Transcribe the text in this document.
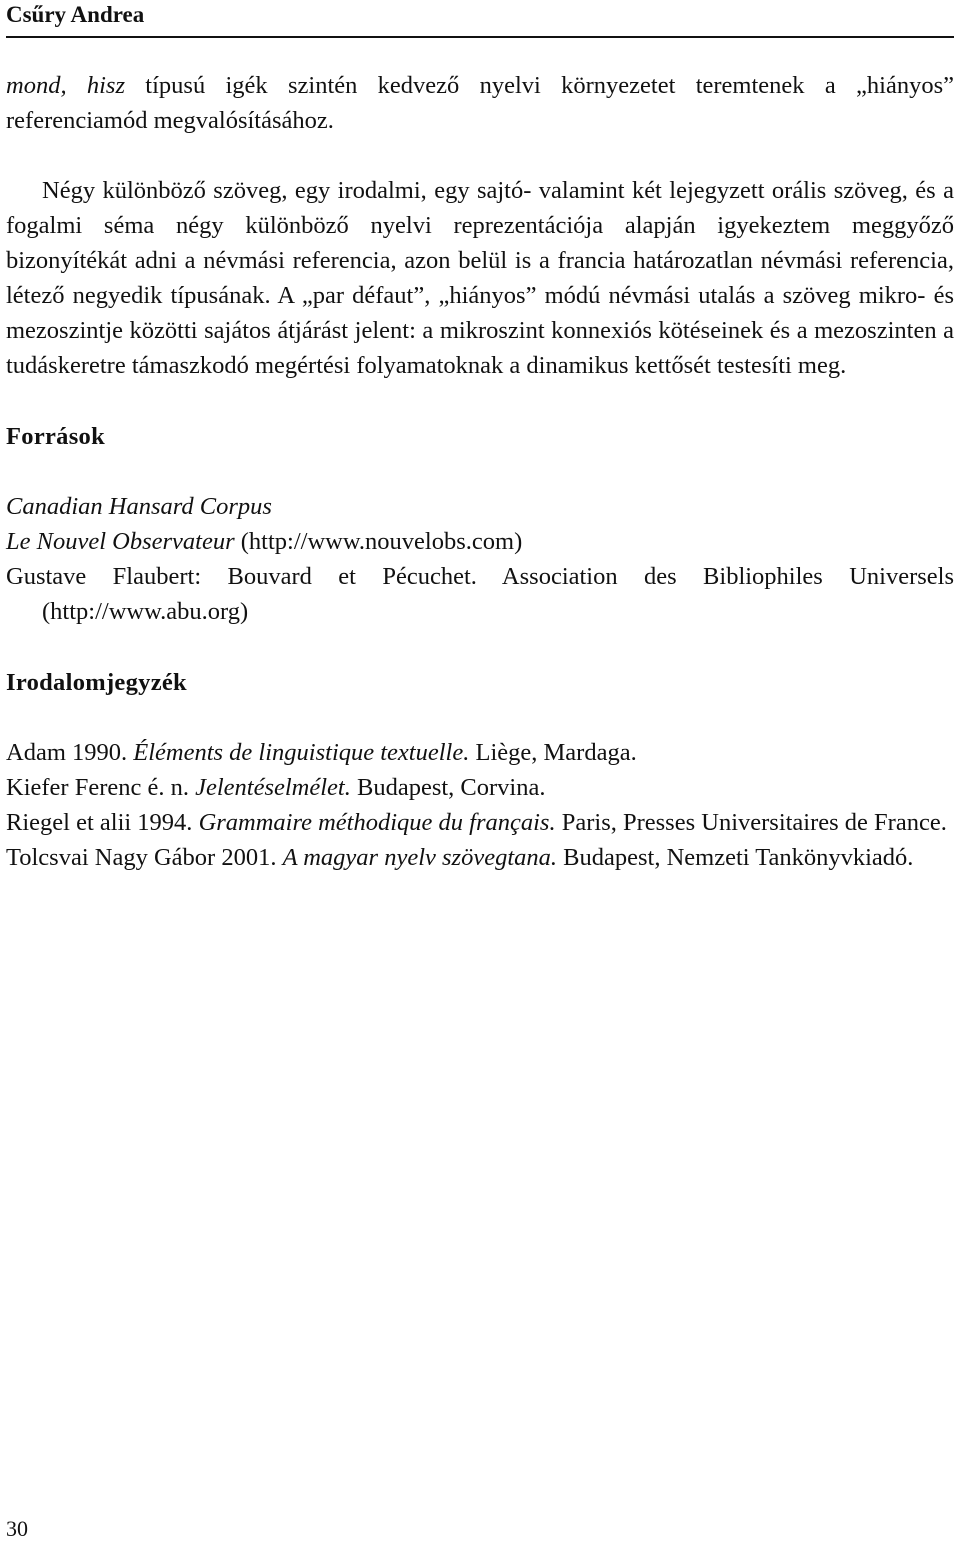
Csűry Andrea

mond, hisz típusú igék szintén kedvező nyelvi környezetet teremtenek a „hiányos” referenciamód megvalósításához.

Négy különböző szöveg, egy irodalmi, egy sajtó- valamint két lejegyzett orális szöveg, és a fogalmi séma négy különböző nyelvi reprezentációja alapján igyekeztem meggyőző bizonyítékát adni a névmási referencia, azon belül is a francia határozatlan névmási referencia, létező negyedik típusának. A „par défaut”, „hiányos” módú névmási utalás a szöveg mikro- és mezoszintje közötti sajátos átjárást jelent: a mikroszint konnexiós kötéseinek és a mezoszinten a tudáskeretre támaszkodó megértési folyamatoknak a dinamikus kettősét testesíti meg.

Források

Canadian Hansard Corpus

Le Nouvel Observateur (http://www.nouvelobs.com)

Gustave Flaubert: Bouvard et Pécuchet. Association des Bibliophiles Universels (http://www.abu.org)

Irodalomjegyzék

Adam 1990. Éléments de linguistique textuelle. Liège, Mardaga.

Kiefer Ferenc é. n. Jelentéselmélet. Budapest, Corvina.

Riegel et alii 1994. Grammaire méthodique du français. Paris, Presses Universitaires de France.

Tolcsvai Nagy Gábor 2001. A magyar nyelv szövegtana. Budapest, Nemzeti Tankönyvkiadó.

30
